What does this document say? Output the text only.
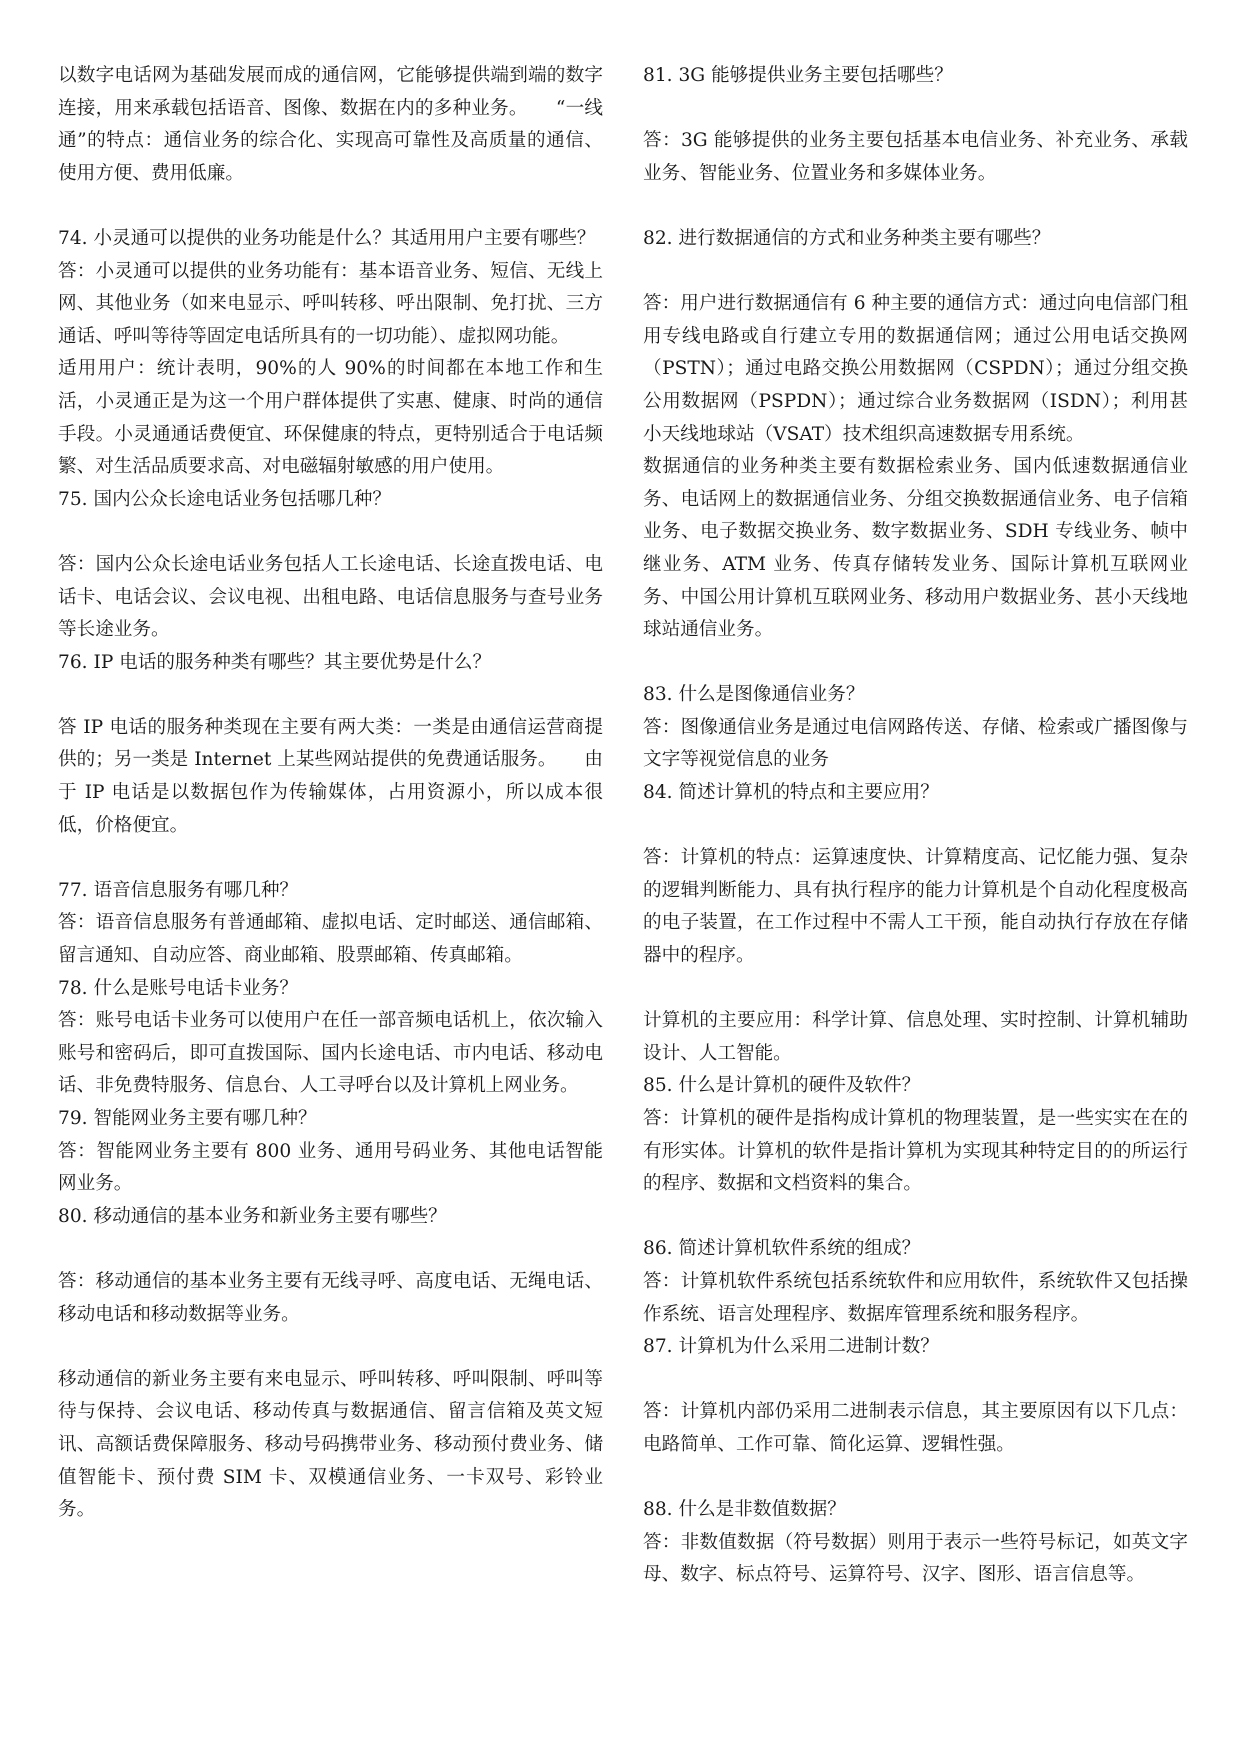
以数字电话网为基础发展而成的通信网，它能够提供端到端的数字连接，用来承载包括语音、图像、数据在内的多种业务。　　“一线通”的特点：通信业务的综合化、实现高可靠性及高质量的通信、使用方便、费用低廉。

74. 小灵通可以提供的业务功能是什么？其适用用户主要有哪些？

答：小灵通可以提供的业务功能有：基本语音业务、短信、无线上网、其他业务（如来电显示、呼叫转移、呼出限制、免打扰、三方通话、呼叫等待等固定电话所具有的一切功能）、虚拟网功能。

适用用户：统计表明，90%的人 90%的时间都在本地工作和生活，小灵通正是为这一个用户群体提供了实惠、健康、时尚的通信手段。小灵通通话费便宜、环保健康的特点，更特别适合于电话频繁、对生活品质要求高、对电磁辐射敏感的用户使用。

75. 国内公众长途电话业务包括哪几种？

答：国内公众长途电话业务包括人工长途电话、长途直拨电话、电话卡、电话会议、会议电视、出租电路、电话信息服务与查号业务等长途业务。

76. IP 电话的服务种类有哪些？其主要优势是什么？

答 IP 电话的服务种类现在主要有两大类：一类是由通信运营商提供的；另一类是 Internet 上某些网站提供的免费通话服务。　　由于 IP 电话是以数据包作为传输媒体，占用资源小，所以成本很低，价格便宜。

77. 语音信息服务有哪几种？

答：语音信息服务有普通邮箱、虚拟电话、定时邮送、通信邮箱、留言通知、自动应答、商业邮箱、股票邮箱、传真邮箱。

78. 什么是账号电话卡业务？

答：账号电话卡业务可以使用户在任一部音频电话机上，依次输入账号和密码后，即可直拨国际、国内长途电话、市内电话、移动电话、非免费特服务、信息台、人工寻呼台以及计算机上网业务。

79. 智能网业务主要有哪几种？

答：智能网业务主要有 800 业务、通用号码业务、其他电话智能网业务。

80. 移动通信的基本业务和新业务主要有哪些？

答：移动通信的基本业务主要有无线寻呼、高度电话、无绳电话、移动电话和移动数据等业务。

移动通信的新业务主要有来电显示、呼叫转移、呼叫限制、呼叫等待与保持、会议电话、移动传真与数据通信、留言信箱及英文短讯、高额话费保障服务、移动号码携带业务、移动预付费业务、储值智能卡、预付费 SIM 卡、双模通信业务、一卡双号、彩铃业务。

81. 3G 能够提供业务主要包括哪些？

答：3G 能够提供的业务主要包括基本电信业务、补充业务、承载业务、智能业务、位置业务和多媒体业务。

82. 进行数据通信的方式和业务种类主要有哪些？

答：用户进行数据通信有 6 种主要的通信方式：通过向电信部门租用专线电路或自行建立专用的数据通信网；通过公用电话交换网（PSTN）；通过电路交换公用数据网（CSPDN）；通过分组交换公用数据网（PSPDN）；通过综合业务数据网（ISDN）；利用甚小天线地球站（VSAT）技术组织高速数据专用系统。

数据通信的业务种类主要有数据检索业务、国内低速数据通信业务、电话网上的数据通信业务、分组交换数据通信业务、电子信箱业务、电子数据交换业务、数字数据业务、SDH 专线业务、帧中继业务、ATM 业务、传真存储转发业务、国际计算机互联网业务、中国公用计算机互联网业务、移动用户数据业务、甚小天线地球站通信业务。

83. 什么是图像通信业务？

答：图像通信业务是通过电信网路传送、存储、检索或广播图像与文字等视觉信息的业务

84. 简述计算机的特点和主要应用？

答：计算机的特点：运算速度快、计算精度高、记忆能力强、复杂的逻辑判断能力、具有执行程序的能力计算机是个自动化程度极高的电子装置，在工作过程中不需人工干预，能自动执行存放在存储器中的程序。

计算机的主要应用：科学计算、信息处理、实时控制、计算机辅助设计、人工智能。

85. 什么是计算机的硬件及软件？

答：计算机的硬件是指构成计算机的物理装置，是一些实实在在的有形实体。计算机的软件是指计算机为实现其种特定目的的所运行的程序、数据和文档资料的集合。

86. 简述计算机软件系统的组成？

答：计算机软件系统包括系统软件和应用软件，系统软件又包括操作系统、语言处理程序、数据库管理系统和服务程序。

87. 计算机为什么采用二进制计数？

答：计算机内部仍采用二进制表示信息，其主要原因有以下几点：电路简单、工作可靠、简化运算、逻辑性强。

88. 什么是非数值数据？

答：非数值数据（符号数据）则用于表示一些符号标记，如英文字母、数字、标点符号、运算符号、汉字、图形、语言信息等。
